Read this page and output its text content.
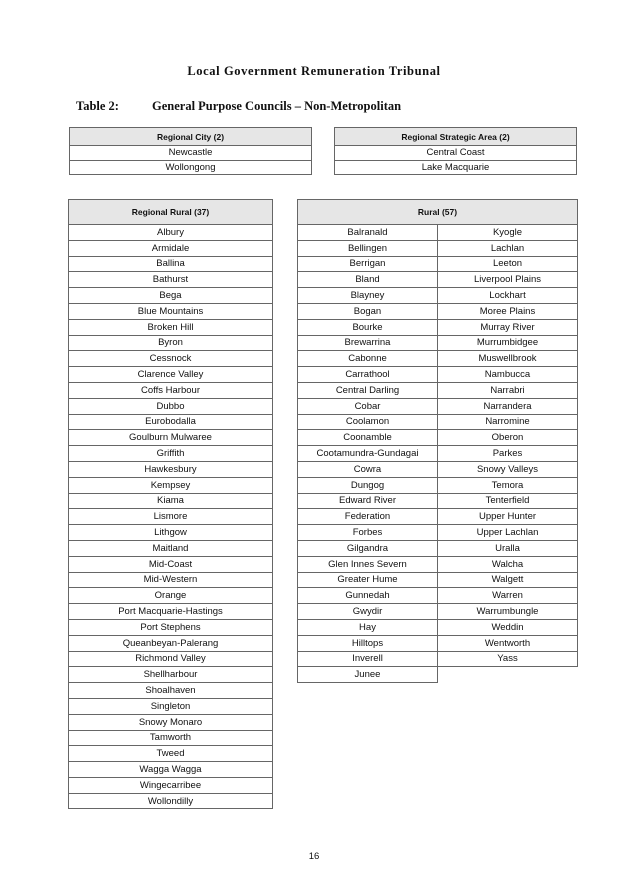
Local Government Remuneration Tribunal
Table 2:	General Purpose Councils – Non-Metropolitan
Regional City (2)
Newcastle
Wollongong
Regional Strategic Area (2)
Central Coast
Lake Macquarie
Regional Rural (37)
Albury
Armidale
Ballina
Bathurst
Bega
Blue Mountains
Broken Hill
Byron
Cessnock
Clarence Valley
Coffs Harbour
Dubbo
Eurobodalla
Goulburn Mulwaree
Griffith
Hawkesbury
Kempsey
Kiama
Lismore
Lithgow
Maitland
Mid-Coast
Mid-Western
Orange
Port Macquarie-Hastings
Port Stephens
Queanbeyan-Palerang
Richmond Valley
Shellharbour
Shoalhaven
Singleton
Snowy Monaro
Tamworth
Tweed
Wagga Wagga
Wingecarribee
Wollondilly
Rural (57)	
Balranald	Kyogle
Bellingen	Lachlan
Berrigan	Leeton
Bland	Liverpool Plains
Blayney	Lockhart
Bogan	Moree Plains
Bourke	Murray River
Brewarrina	Murrumbidgee
Cabonne	Muswellbrook
Carrathool	Nambucca
Central Darling	Narrabri
Cobar	Narrandera
Coolamon	Narromine
Coonamble	Oberon
Cootamundra-Gundagai	Parkes
Cowra	Snowy Valleys
Dungog	Temora
Edward River	Tenterfield
Federation	Upper Hunter
Forbes	Upper Lachlan
Gilgandra	Uralla
Glen Innes Severn	Walcha
Greater Hume	Walgett
Gunnedah	Warren
Gwydir	Warrumbungle
Hay	Weddin
Hilltops	Wentworth
Inverell	Yass
Junee	
16
